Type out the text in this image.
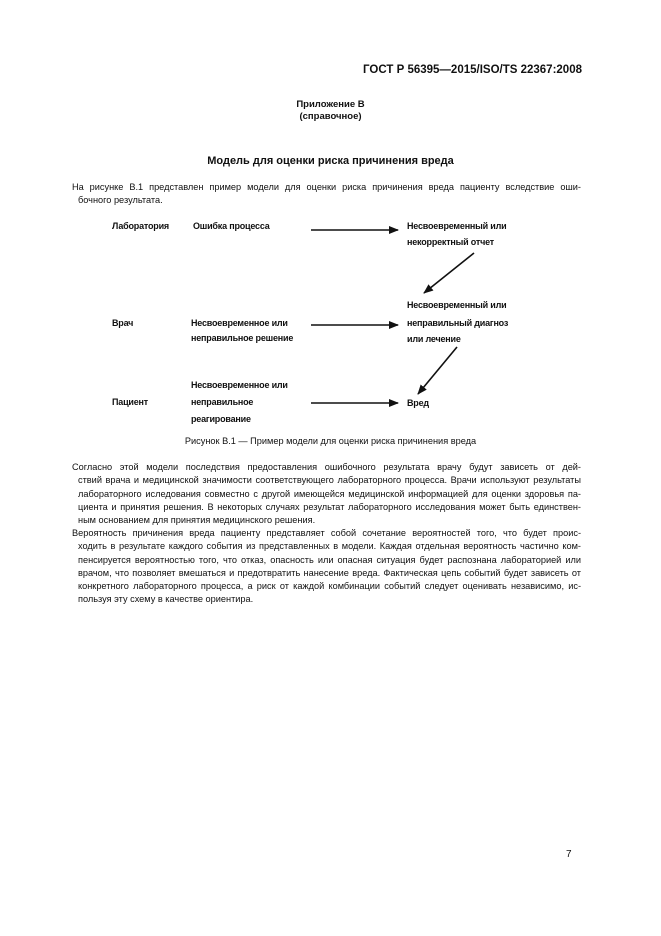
ГОСТ Р 56395—2015/ISO/TS 22367:2008
Приложение В
(справочное)
Модель для оценки риска причинения вреда
На рисунке В.1 представлен пример модели для оценки риска причинения вреда пациенту вследствие оши-
бочного результата.
Лаборатория	Ошибка процесса	Несвоевременный или
некорректный отчет
Несвоевременный или
неправильный диагноз
или лечение
Врач	Несвоевременное или
неправильное решение
Несвоевременное или
неправильное
реагирование
Пациент	Вред
Рисунок В.1 — Пример модели для оценки риска причинения вреда
Согласно этой модели последствия предоставления ошибочного результата врачу будут зависеть от дей-
ствий врача и медицинской значимости соответствующего лабораторного процесса. Врачи используют результаты
лабораторного иследования совместно с другой имеющейся медицинской информацией для оценки здоровья па-
циента и принятия решения. В некоторых случаях результат лабораторного исследования может быть единствен-
ным основанием для принятия медицинского решения.
Вероятность причинения вреда пациенту представляет собой сочетание вероятностей того, что будет проис-
ходить в результате каждого события из представленных в модели. Каждая отдельная вероятность частично ком-
пенсируется вероятностью того, что отказ, опасность или опасная ситуация будет распознана лабораторией или
врачом, что позволяет вмешаться и предотвратить нанесение вреда. Фактическая цепь событий будет зависеть от
конкретного лабораторного процесса, а риск от каждой комбинации событий следует оценивать независимо, ис-
пользуя эту схему в качестве ориентира.
7
